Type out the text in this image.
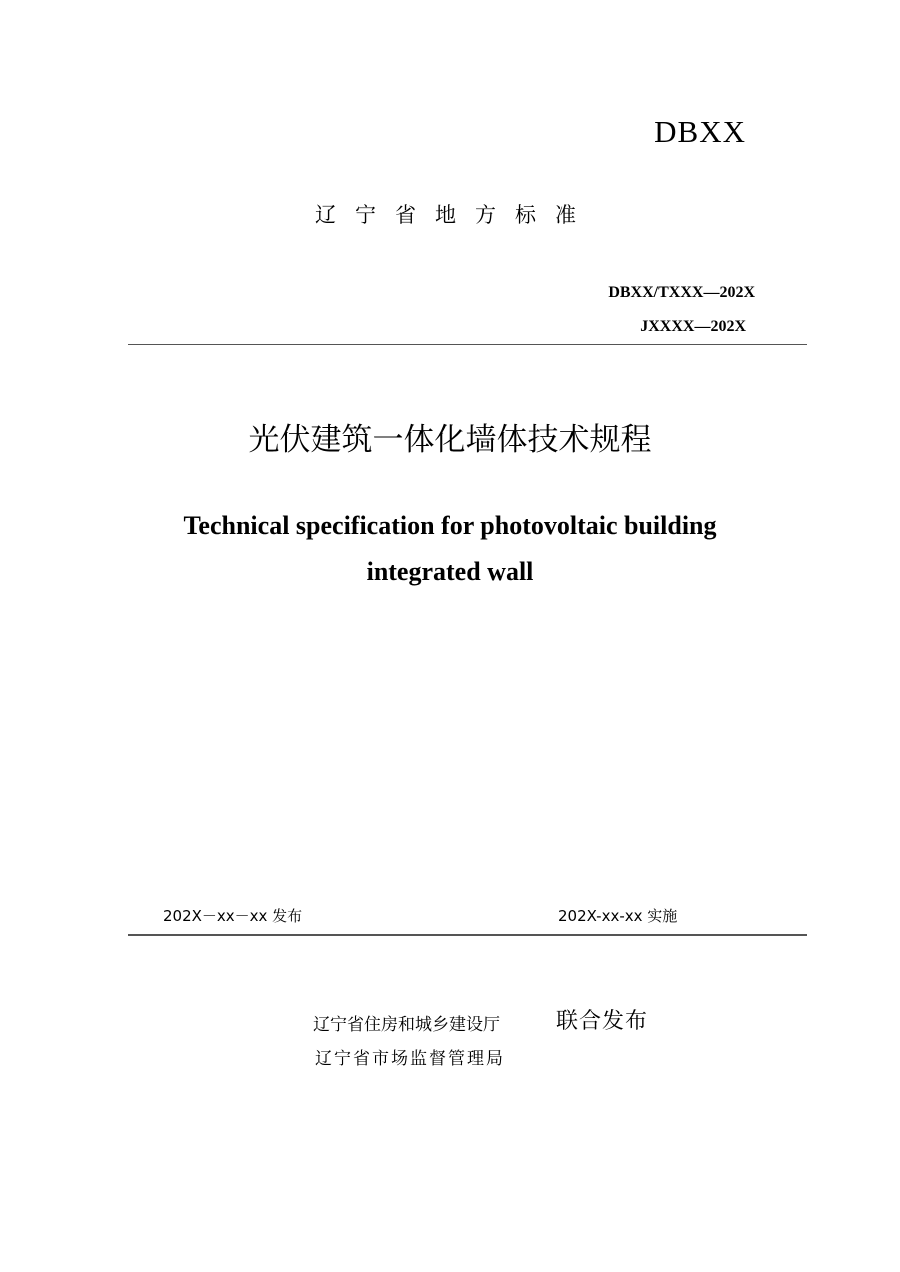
DBXX
辽宁省地方标准
DBXX/TXXX—202X
JXXXX—202X
光伏建筑一体化墙体技术规程
Technical specification for photovoltaic building
integrated wall
202X－xx－xx 发布	202X-xx-xx 实施
辽宁省住房和城乡建设厅
辽宁省市场监督管理局
联合发布
